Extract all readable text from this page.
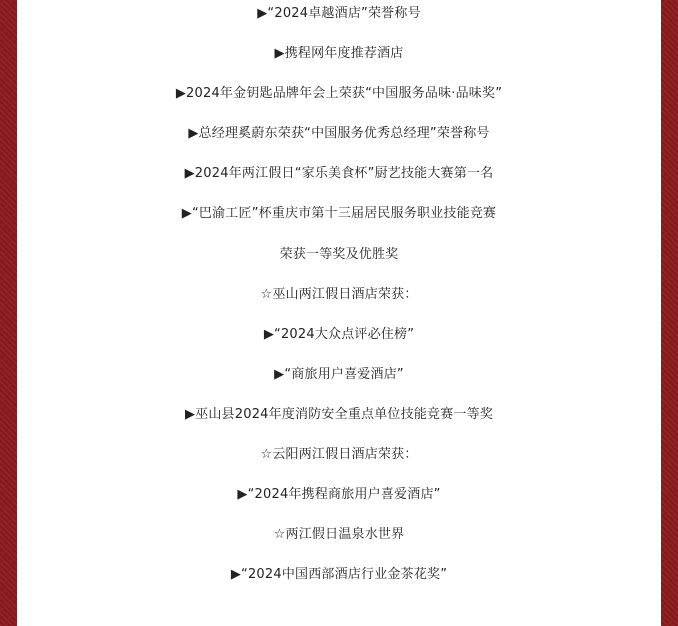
▶“2024卓越酒店”荣誉称号
▶携程网年度推荐酒店
▶2024年金钥匙品牌年会上荣获“中国服务品味·品味奖”
▶总经理奚蔚东荣获“中国服务优秀总经理”荣誉称号
▶2024年两江假日“家乐美食杯”厨艺技能大赛第一名
▶“巴渝工匠”杯重庆市第十三届居民服务职业技能竞赛
荣获一等奖及优胜奖
☆巫山两江假日酒店荣获：
▶“2024大众点评必住榜”
▶“商旅用户喜爱酒店”
▶巫山县2024年度消防安全重点单位技能竞赛一等奖
☆云阳两江假日酒店荣获：
▶“2024年携程商旅用户喜爱酒店”
☆两江假日温泉水世界
▶“2024中国西部酒店行业金茶花奖”
